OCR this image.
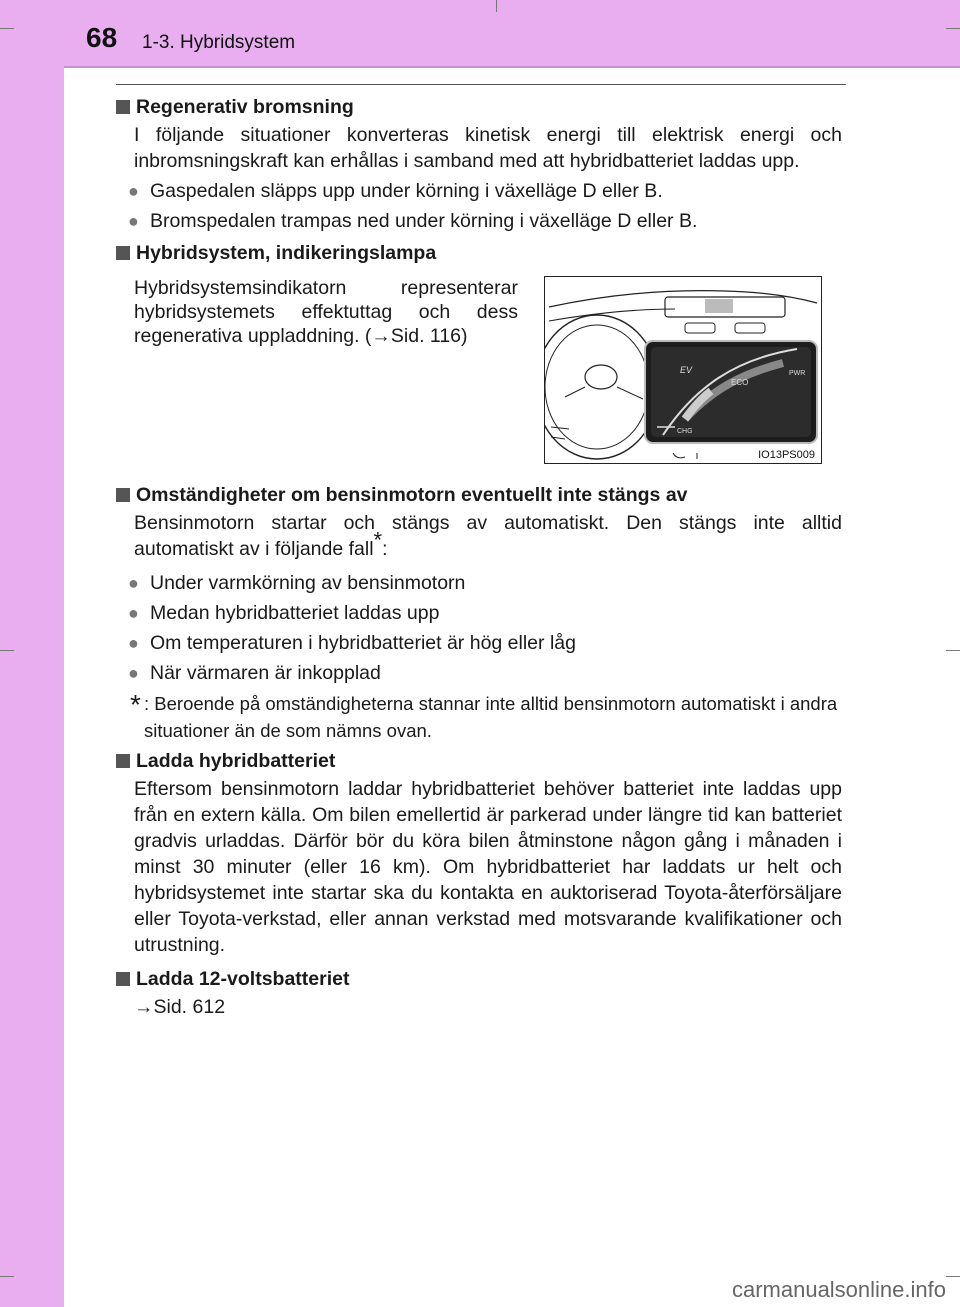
68 1-3. Hybridsystem
Regenerativ bromsning
I följande situationer konverteras kinetisk energi till elektrisk energi och inbromsningskraft kan erhållas i samband med att hybridbatteriet laddas upp.
● Gaspedalen släpps upp under körning i växelläge D eller B.
● Bromspedalen trampas ned under körning i växelläge D eller B.
Hybridsystem, indikeringslampa
Hybridsystemsindikatorn representerar hybridsystemets effektuttag och dess regenerativa uppladdning. (→Sid. 116)
EV
ECO
PWR
CHG
IO13PS009
Omständigheter om bensinmotorn eventuellt inte stängs av
Bensinmotorn startar och stängs av automatiskt. Den stängs inte alltid automatiskt av i följande fall*:
● Under varmkörning av bensinmotorn
● Medan hybridbatteriet laddas upp
● Om temperaturen i hybridbatteriet är hög eller låg
● När värmaren är inkopplad
* : Beroende på omständigheterna stannar inte alltid bensinmotorn automatiskt i andra situationer än de som nämns ovan.
Ladda hybridbatteriet
Eftersom bensinmotorn laddar hybridbatteriet behöver batteriet inte laddas upp från en extern källa. Om bilen emellertid är parkerad under längre tid kan batteriet gradvis urladdas. Därför bör du köra bilen åtminstone någon gång i månaden i minst 30 minuter (eller 16 km). Om hybridbatteriet har laddats ur helt och hybridsystemet inte startar ska du kontakta en auktoriserad Toyota-återförsäljare eller Toyota-verkstad, eller annan verkstad med motsvarande kvalifikationer och utrustning.
Ladda 12-voltsbatteriet
→Sid. 612
carmanualsonline.info
